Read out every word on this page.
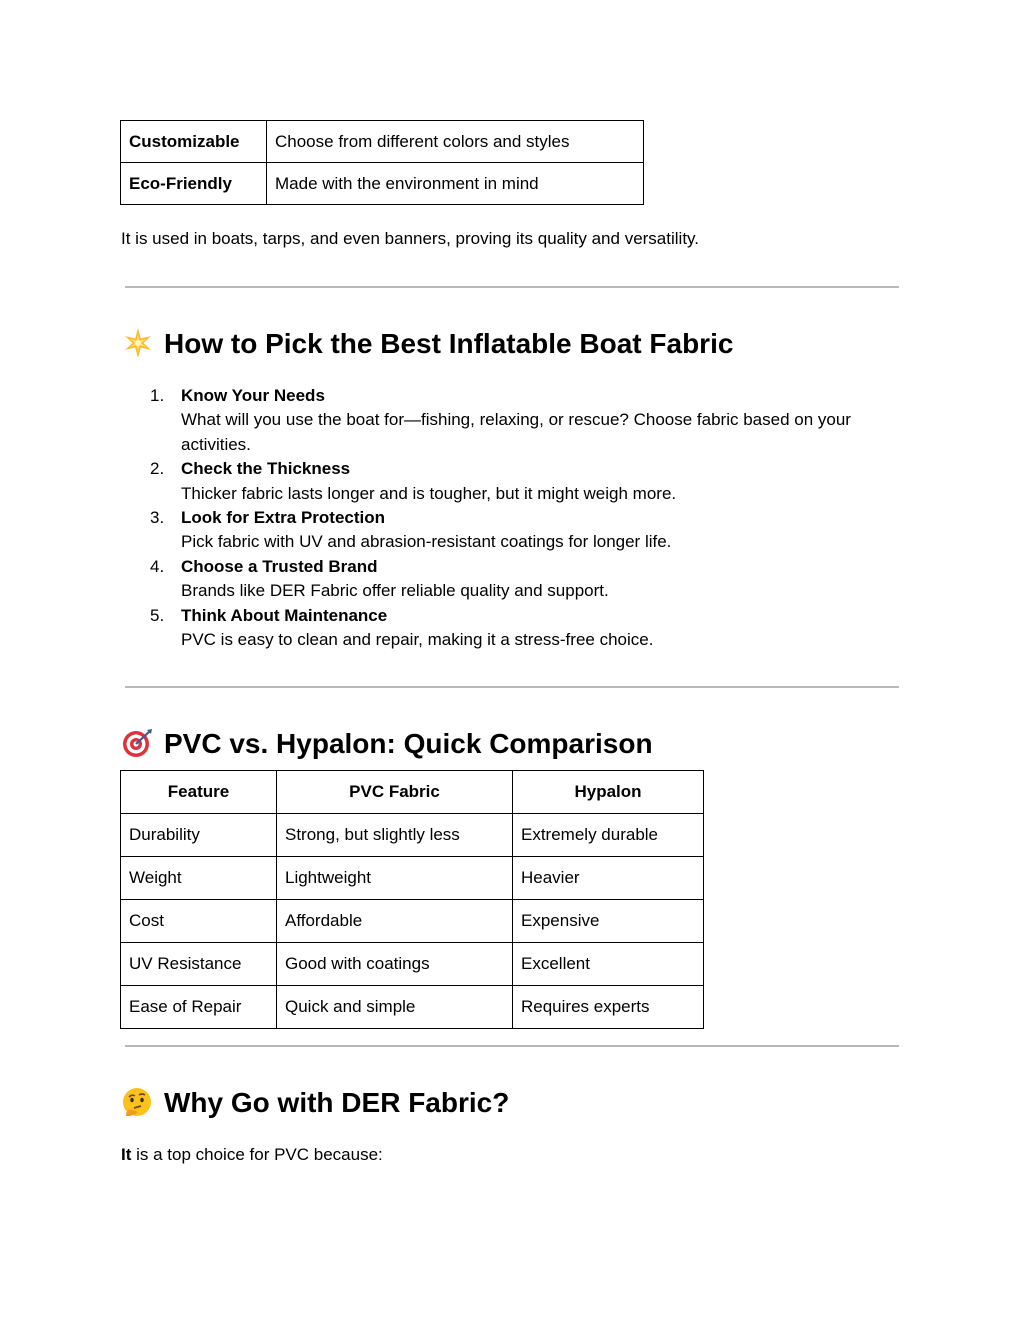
Customizable	Choose from different colors and styles
Eco-Friendly	Made with the environment in mind

It is used in boats, tarps, and even banners, proving its quality and versatility.

How to Pick the Best Inflatable Boat Fabric
1. Know Your Needs
What will you use the boat for—fishing, relaxing, or rescue? Choose fabric based on your activities.
2. Check the Thickness
Thicker fabric lasts longer and is tougher, but it might weigh more.
3. Look for Extra Protection
Pick fabric with UV and abrasion-resistant coatings for longer life.
4. Choose a Trusted Brand
Brands like DER Fabric offer reliable quality and support.
5. Think About Maintenance
PVC is easy to clean and repair, making it a stress-free choice.
PVC vs. Hypalon: Quick Comparison
Feature	PVC Fabric	Hypalon
Durability	Strong, but slightly less	Extremely durable
Weight	Lightweight	Heavier
Cost	Affordable	Expensive
UV Resistance	Good with coatings	Excellent
Ease of Repair	Quick and simple	Requires experts
Why Go with DER Fabric?

It is a top choice for PVC because:
